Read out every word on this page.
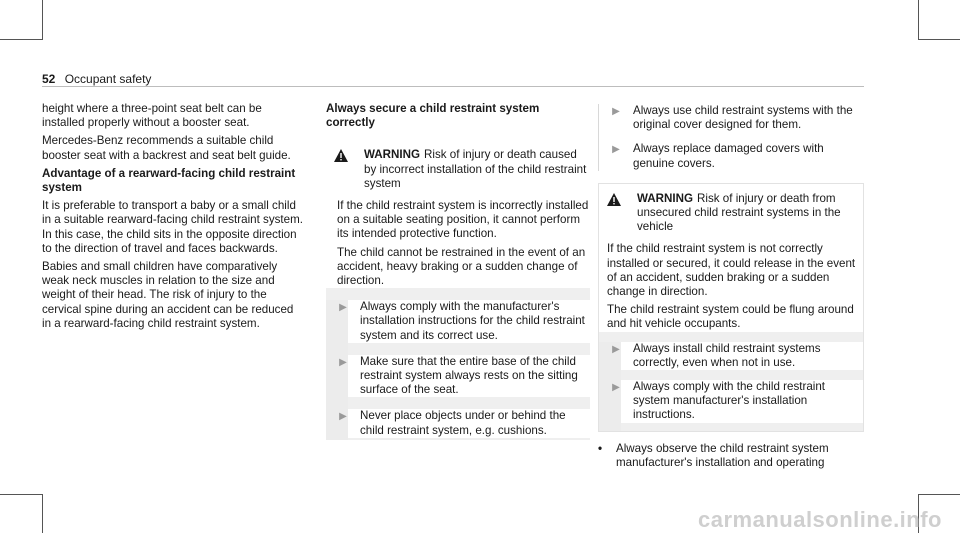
52 Occupant safety

height where a three-point seat belt can be installed properly without a booster seat.

Mercedes-Benz recommends a suitable child booster seat with a backrest and seat belt guide.

Advantage of a rearward-facing child restraint system

It is preferable to transport a baby or a small child in a suitable rearward-facing child restraint system. In this case, the child sits in the opposite direction to the direction of travel and faces backwards.

Babies and small children have comparatively weak neck muscles in relation to the size and weight of their head. The risk of injury to the cervical spine during an accident can be reduced in a rearward-facing child restraint system.

Always secure a child restraint system correctly

WARNING Risk of injury or death caused by incorrect installation of the child restraint system

If the child restraint system is incorrectly installed on a suitable seating position, it cannot perform its intended protective function.

The child cannot be restrained in the event of an accident, heavy braking or a sudden change of direction.

▶	Always comply with the manufacturer's installation instructions for the child restraint system and its correct use.
▶	Make sure that the entire base of the child restraint system always rests on the sitting surface of the seat.
▶	Never place objects under or behind the child restraint system, e.g. cushions.
▶	Always use child restraint systems with the original cover designed for them.
▶	Always replace damaged covers with genuine covers.
WARNING Risk of injury or death from unsecured child restraint systems in the vehicle

If the child restraint system is not correctly installed or secured, it could release in the event of an accident, sudden braking or a sudden change in direction.

The child restraint system could be flung around and hit vehicle occupants.

▶	Always install child restraint systems correctly, even when not in use.
▶	Always comply with the child restraint system manufacturer's installation instructions.
•	Always observe the child restraint system manufacturer's installation and operating
carmanualsonline.info
